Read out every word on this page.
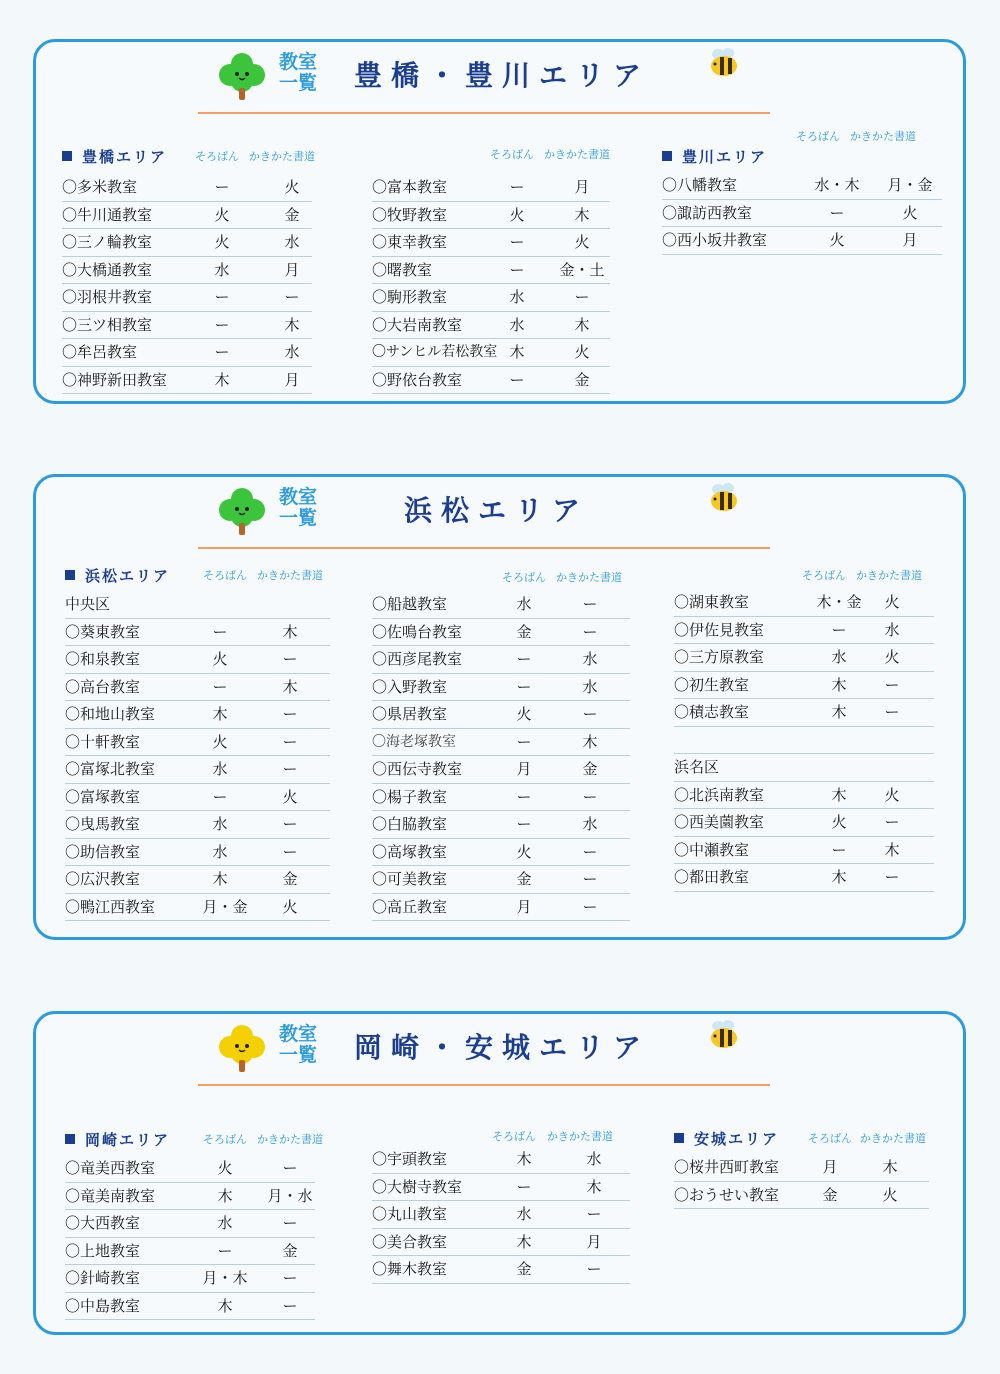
教室
一覧 豊橋・豊川エリア
豊橋エリア	そろばん かきかた書道
〇多米教室	ー	火
〇牛川通教室	火	金
〇三ノ輪教室	火	水
〇大橋通教室	水	月
〇羽根井教室	ー	ー
〇三ツ相教室	ー	木
〇牟呂教室	ー	水
〇神野新田教室	木	月
そろばん かきかた書道
〇富本教室	ー	月
〇牧野教室	火	木
〇東幸教室	ー	火
〇曙教室	ー	金・土
〇駒形教室	水	ー
〇大岩南教室	水	木
〇サンヒル若松教室 木	火
〇野依台教室	ー	金
そろばん かきかた書道
豊川エリア
〇八幡教室	水・木	月・金
〇諏訪西教室	ー	火
〇西小坂井教室	火	月
教室
一覧	浜松エリア
浜松エリア	そろばん かきかた書道
中央区
〇葵東教室	ー	木
〇和泉教室	火	ー
〇高台教室	ー	木
〇和地山教室	木	ー
〇十軒教室	火	ー
〇富塚北教室	水	ー
〇富塚教室	ー	火
〇曳馬教室	水	ー
〇助信教室	水	ー
〇広沢教室	木	金
〇鴨江西教室	月・金	火
そろばん かきかた書道
〇船越教室	水	ー
〇佐鳴台教室	金	ー
〇西彦尾教室	ー	水
〇入野教室	ー	水
〇県居教室	火	ー
〇海老塚教室	ー	木
〇西伝寺教室	月	金
〇楊子教室	ー	ー
〇白脇教室	ー	水
〇高塚教室	火	ー
〇可美教室	金	ー
〇高丘教室	月	ー
そろばん かきかた書道
〇湖東教室	木・金	火
〇伊佐見教室	ー	水
〇三方原教室	水	火
〇初生教室	木	ー
〇積志教室	木	ー
浜名区
〇北浜南教室	木	火
〇西美薗教室	火	ー
〇中瀬教室	ー	木
〇都田教室	木	ー
教室
一覧 岡崎・安城エリア
岡崎エリア	そろばん かきかた書道
〇竜美西教室	火	ー
〇竜美南教室	木	月・水
〇大西教室	水	ー
〇上地教室	ー	金
〇針崎教室	月・木	ー
〇中島教室	木	ー
そろばん かきかた書道
〇宇頭教室	木	水
〇大樹寺教室	ー	木
〇丸山教室	水	ー
〇美合教室	木	月
〇舞木教室	金	ー
安城エリア	そろばん かきかた書道
〇桜井西町教室	月	木
〇おうせい教室	金	火
